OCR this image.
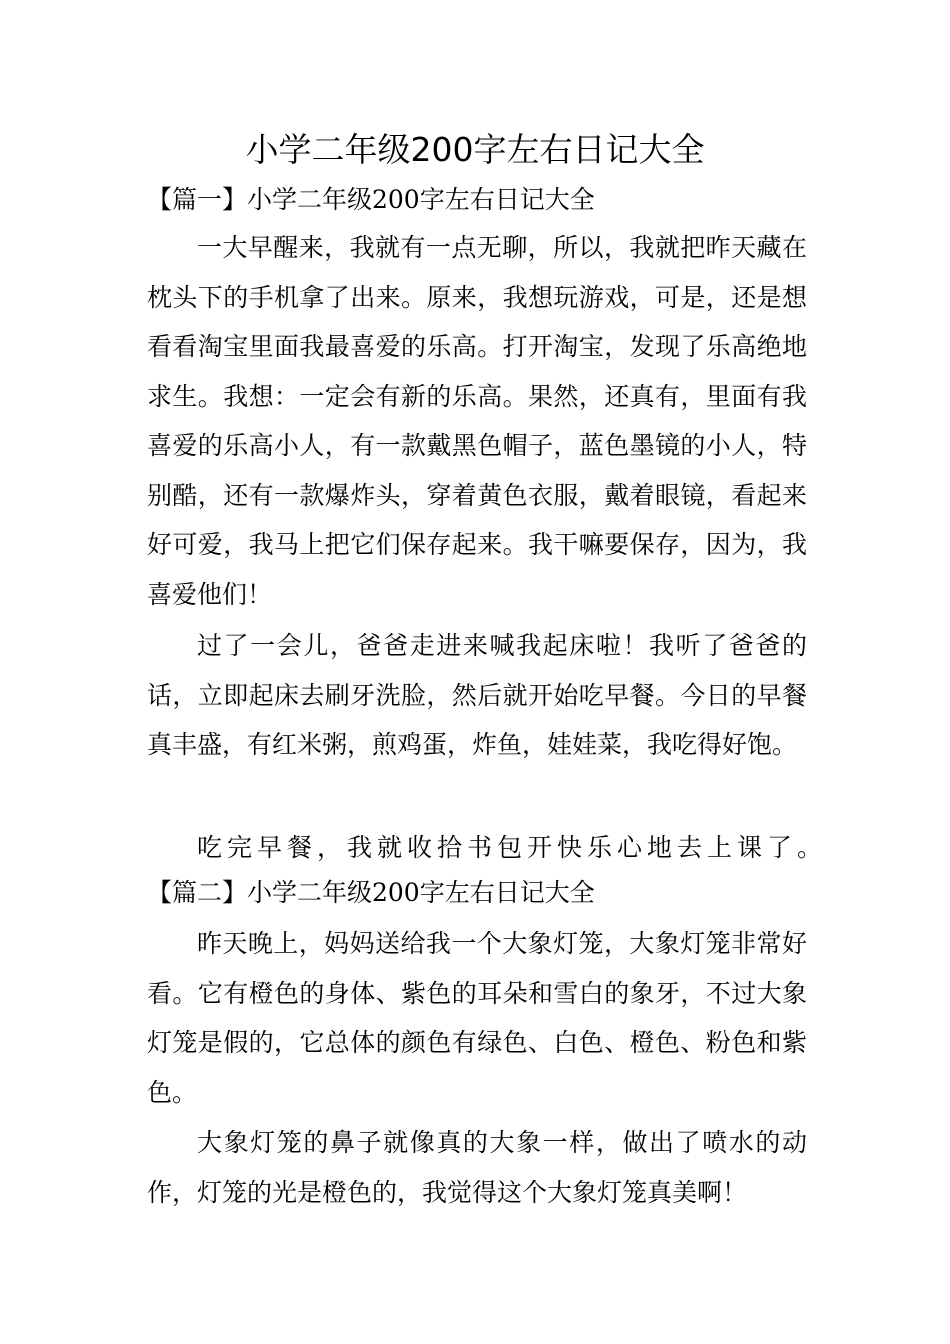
小学二年级200字左右日记大全
【篇一】小学二年级200字左右日记大全

一大早醒来，我就有一点无聊，所以，我就把昨天藏在枕头下的手机拿了出来。原来，我想玩游戏，可是，还是想看看淘宝里面我最喜爱的乐高。打开淘宝，发现了乐高绝地求生。我想：一定会有新的乐高。果然，还真有，里面有我喜爱的乐高小人，有一款戴黑色帽子，蓝色墨镜的小人，特别酷，还有一款爆炸头，穿着黄色衣服，戴着眼镜，看起来好可爱，我马上把它们保存起来。我干嘛要保存，因为，我喜爱他们！

过了一会儿，爸爸走进来喊我起床啦！我听了爸爸的话，立即起床去刷牙洗脸，然后就开始吃早餐。今日的早餐真丰盛，有红米粥，煎鸡蛋，炸鱼，娃娃菜，我吃得好饱。

吃完早餐，我就收拾书包开快乐心地去上课了。

【篇二】小学二年级200字左右日记大全

昨天晚上，妈妈送给我一个大象灯笼，大象灯笼非常好看。它有橙色的身体、紫色的耳朵和雪白的象牙，不过大象灯笼是假的，它总体的颜色有绿色、白色、橙色、粉色和紫色。

大象灯笼的鼻子就像真的大象一样，做出了喷水的动作，灯笼的光是橙色的，我觉得这个大象灯笼真美啊！
